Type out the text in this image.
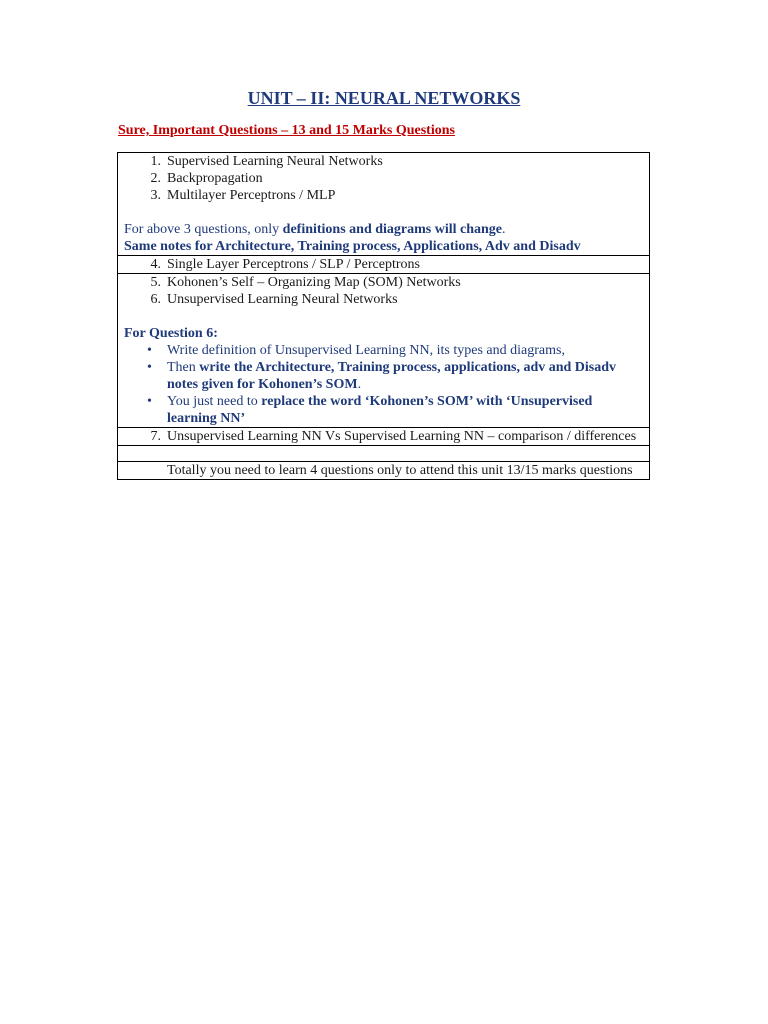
UNIT – II: NEURAL NETWORKS
Sure, Important Questions – 13 and 15 Marks Questions
1. Supervised Learning Neural Networks
2. Backpropagation
3. Multilayer Perceptrons / MLP
For above 3 questions, only definitions and diagrams will change.
Same notes for Architecture, Training process, Applications, Adv and Disadv

4. Single Layer Perceptrons / SLP / Perceptrons

5. Kohonen’s Self – Organizing Map (SOM) Networks
6. Unsupervised Learning Neural Networks
For Question 6:
•	Write definition of Unsupervised Learning NN, its types and diagrams,
•	Then write the Architecture, Training process, applications, adv and Disadv notes given for Kohonen’s SOM.
•	You just need to replace the word ‘Kohonen’s SOM’ with ‘Unsupervised learning NN’

7. Unsupervised Learning NN Vs Supervised Learning NN – comparison / differences

Totally you need to learn 4 questions only to attend this unit 13/15 marks questions
